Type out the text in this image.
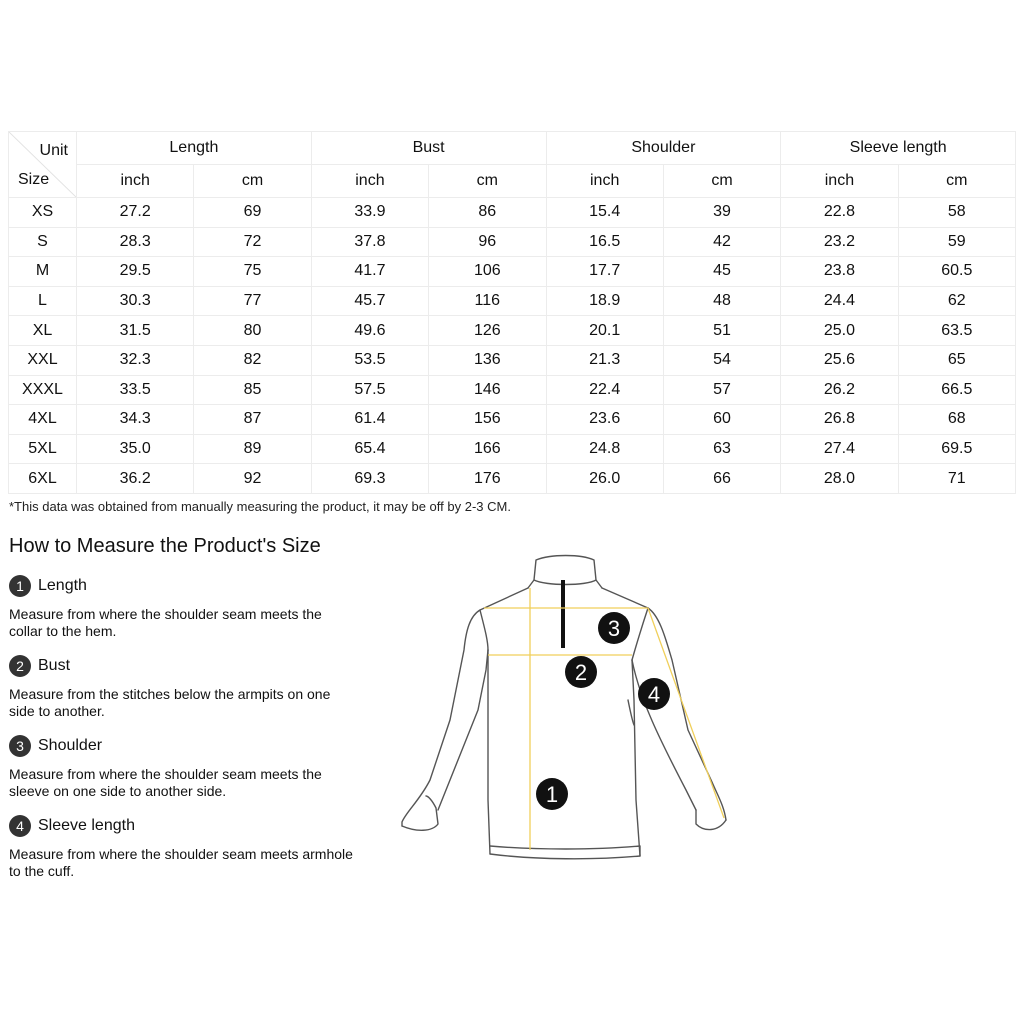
Unit
Size	Length		Bust		Shoulder		Sleeve length	
	inch	cm	inch	cm	inch	cm	inch	cm
XS	27.2	69	33.9	86	15.4	39	22.8	58
S	28.3	72	37.8	96	16.5	42	23.2	59
M	29.5	75	41.7	106	17.7	45	23.8	60.5
L	30.3	77	45.7	116	18.9	48	24.4	62
XL	31.5	80	49.6	126	20.1	51	25.0	63.5
XXL	32.3	82	53.5	136	21.3	54	25.6	65
XXXL	33.5	85	57.5	146	22.4	57	26.2	66.5
4XL	34.3	87	61.4	156	23.6	60	26.8	68
5XL	35.0	89	65.4	166	24.8	63	27.4	69.5
6XL	36.2	92	69.3	176	26.0	66	28.0	71
*This data was obtained from manually measuring the product, it may be off by 2-3 CM.
How to Measure the Product's Size
1 Length
Measure from where the shoulder seam meets the collar to the hem.
2 Bust
Measure from the stitches below the armpits on one side to another.
3 Shoulder
Measure from where the shoulder seam meets the sleeve on one side to another side.
4 Sleeve length
Measure from where the shoulder seam meets armhole to the cuff.
1
2
3
4
